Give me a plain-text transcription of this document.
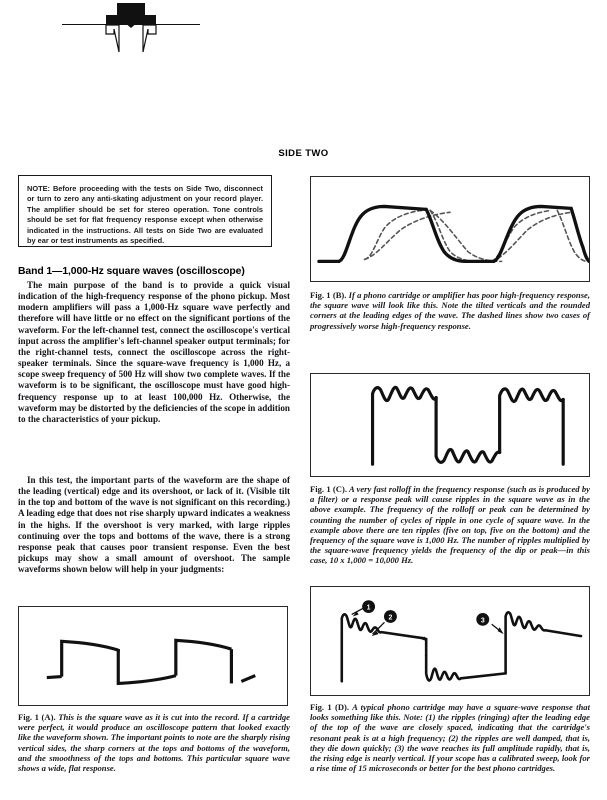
SIDE TWO
NOTE: Before proceeding with the tests on Side Two, disconnect or turn to zero any anti-skating adjustment on your record player. The amplifier should be set for stereo operation. Tone controls should be set for flat frequency response except when otherwise indicated in the instructions. All tests on Side Two are evaluated by ear or test instruments as specified.
Band 1—1,000-Hz square waves (oscilloscope)

The main purpose of the band is to provide a quick visual indication of the high-frequency response of the phono pickup. Most modern amplifiers will pass a 1,000-Hz square wave perfectly and therefore will have little or no effect on the significant portions of the waveform. For the left-channel test, connect the oscilloscope's vertical input across the amplifier's left-channel speaker output terminals; for the right-channel tests, connect the oscilloscope across the right-speaker terminals. Since the square-wave frequency is 1,000 Hz, a scope sweep frequency of 500 Hz will show two complete waves. If the waveform is to be significant, the oscilloscope must have good high-frequency response up to at least 100,000 Hz. Otherwise, the waveform may be distorted by the deficiencies of the scope in addition to the characteristics of your pickup.

In this test, the important parts of the waveform are the shape of the leading (vertical) edge and its overshoot, or lack of it. (Visible tilt in the top and bottom of the wave is not significant on this recording.) A leading edge that does not rise sharply upward indicates a weakness in the highs. If the overshoot is very marked, with large ripples continuing over the tops and bottoms of the wave, there is a strong response peak that causes poor transient response. Even the best pickups may show a small amount of overshoot. The sample waveforms shown below will help in your judgments:

Fig. 1 (A). This is the square wave as it is cut into the record. If a cartridge were perfect, it would produce an oscilloscope pattern that looked exactly like the waveform shown. The important points to note are the sharply rising vertical sides, the sharp corners at the tops and bottoms of the waveform, and the smoothness of the tops and bottoms. This particular square wave shows a wide, flat response.
Fig. 1 (B). If a phono cartridge or amplifier has poor high-frequency response, the square wave will look like this. Note the tilted verticals and the rounded corners at the leading edges of the wave. The dashed lines show two cases of progressively worse high-frequency response.
Fig. 1 (C). A very fast rolloff in the frequency response (such as is produced by a filter) or a response peak will cause ripples in the square wave as in the above example. The frequency of the rolloff or peak can be determined by counting the number of cycles of ripple in one cycle of square wave. In the example above there are ten ripples (five on top, five on the bottom) and the frequency of the square wave is 1,000 Hz. The number of ripples multiplied by the square-wave frequency yields the frequency of the dip or peak—in this case, 10 x 1,000 = 10,000 Hz.
1
2	3
Fig. 1 (D). A typical phono cartridge may have a square-wave response that looks something like this. Note: (1) the ripples (ringing) after the leading edge of the top of the wave are closely spaced, indicating that the cartridge's resonant peak is at a high frequency; (2) the ripples are well damped, that is, they die down quickly; (3) the wave reaches its full amplitude rapidly, that is, the rising edge is nearly vertical. If your scope has a calibrated sweep, look for a rise time of 15 microseconds or better for the best phono cartridges.
